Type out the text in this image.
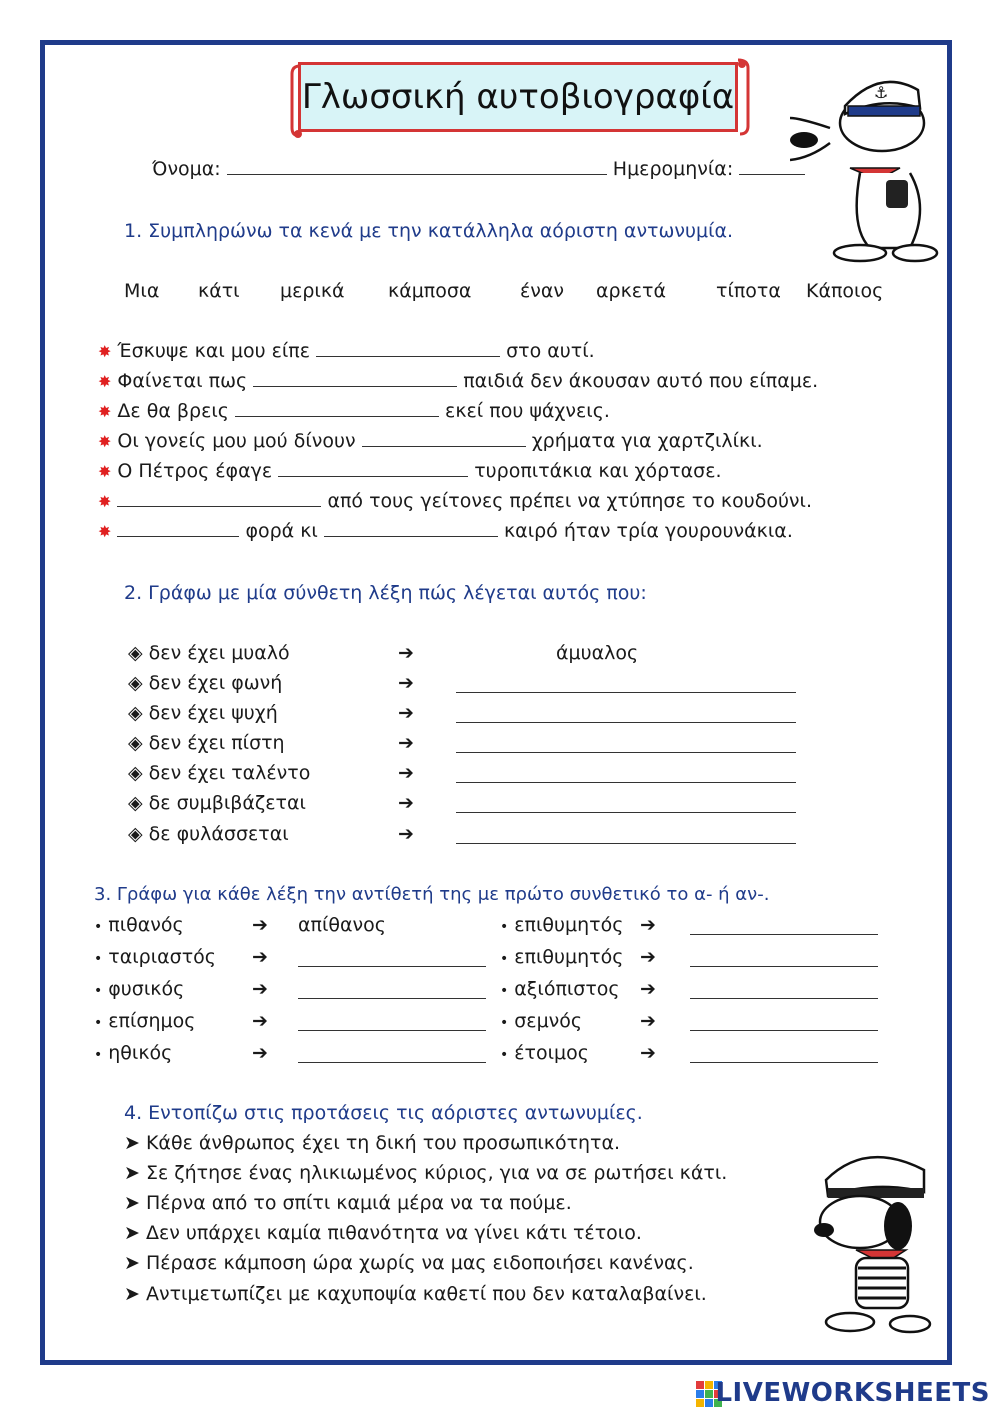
Γλωσσική αυτοβιογραφία	⚓
Όνομα:	Ημερομηνία:
1. Συμπληρώνω τα κενά με την κατάλληλα αόριστη αντωνυμία.
Μια κάτι μερικά κάμποσα	έναν αρκετά	τίποτα Κάποιος
✸ Έσκυψε και μου είπε	στο αυτί.
✸ Φαίνεται πως	παιδιά δεν άκουσαν αυτό που είπαμε.
✸ Δε θα βρεις	εκεί που ψάχνεις.
✸ Οι γονείς μου μού δίνουν	χρήματα για χαρτζιλίκι.
✸ Ο Πέτρος έφαγε	τυροπιτάκια και χόρτασε.
✸	από τους γείτονες πρέπει να χτύπησε το κουδούνι.
✸	φορά κι	καιρό ήταν τρία γουρουνάκια.
2. Γράφω με μία σύνθετη λέξη πώς λέγεται αυτός που:
◈ δεν έχει μυαλό	➔	άμυαλος
◈ δεν έχει φωνή	➔
◈ δεν έχει ψυχή	➔
◈ δεν έχει πίστη	➔
◈ δεν έχει ταλέντο	➔
◈ δε συμβιβάζεται	➔
◈ δε φυλάσσεται	➔
3. Γράφω για κάθε λέξη την αντίθετή της με πρώτο συνθετικό το α- ή αν-.
• πιθανός	➔ απίθανος
• ταιριαστός ➔
• φυσικός	➔
• επίσημος	➔
• ηθικός	➔
• επιθυμητός ➔
• επιθυμητός ➔
• αξιόπιστος ➔
• σεμνός	➔
• έτοιμος	➔
4. Εντοπίζω στις προτάσεις τις αόριστες αντωνυμίες.
➤ Κάθε άνθρωπος έχει τη δική του προσωπικότητα.
➤ Σε ζήτησε ένας ηλικιωμένος κύριος, για να σε ρωτήσει κάτι.
➤ Πέρνα από το σπίτι καμιά μέρα να τα πούμε.
➤ Δεν υπάρχει καμία πιθανότητα να γίνει κάτι τέτοιο.
➤ Πέρασε κάμποση ώρα χωρίς να μας ειδοποιήσει κανένας.
➤ Αντιμετωπίζει με καχυποψία καθετί που δεν καταλαβαίνει.
LIVEWORKSHEETS
